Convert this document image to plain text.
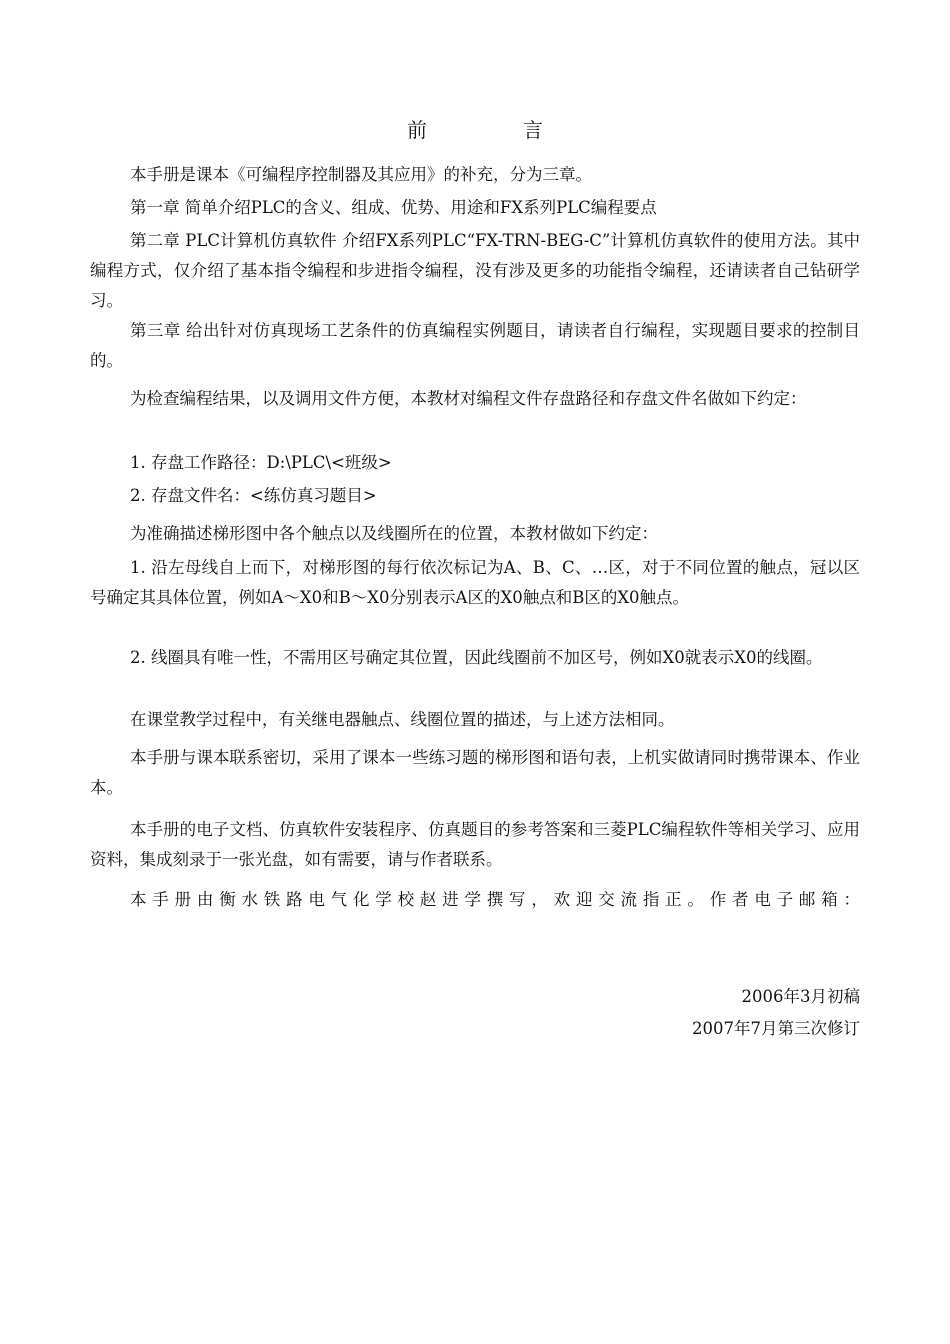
前　言

本手册是课本《可编程序控制器及其应用》的补充，分为三章。

第一章 简单介绍PLC的含义、组成、优势、用途和FX系列PLC编程要点

第二章 PLC计算机仿真软件 介绍FX系列PLC“FX-TRN-BEG-C”计算机仿真软件的使用方法。其中编程方式，仅介绍了基本指令编程和步进指令编程，没有涉及更多的功能指令编程，还请读者自己钻研学习。

第三章 给出针对仿真现场工艺条件的仿真编程实例题目，请读者自行编程，实现题目要求的控制目的。

为检查编程结果，以及调用文件方便，本教材对编程文件存盘路径和存盘文件名做如下约定：

1. 存盘工作路径：D:\PLC\<班级>

2. 存盘文件名：<练仿真习题目>

为准确描述梯形图中各个触点以及线圈所在的位置，本教材做如下约定：

1. 沿左母线自上而下，对梯形图的每行依次标记为A、B、C、…区，对于不同位置的触点，冠以区号确定其具体位置，例如A～X0和B～X0分别表示A区的X0触点和B区的X0触点。

2. 线圈具有唯一性，不需用区号确定其位置，因此线圈前不加区号，例如X0就表示X0的线圈。

在课堂教学过程中，有关继电器触点、线圈位置的描述，与上述方法相同。

本手册与课本联系密切，采用了课本一些练习题的梯形图和语句表，上机实做请同时携带课本、作业本。

本手册的电子文档、仿真软件安装程序、仿真题目的参考答案和三菱PLC编程软件等相关学习、应用资料，集成刻录于一张光盘，如有需要，请与作者联系。

本手册由衡水铁路电气化学校赵进学撰写，欢迎交流指正。作者电子邮箱：

2006年3月初稿
2007年7月第三次修订
